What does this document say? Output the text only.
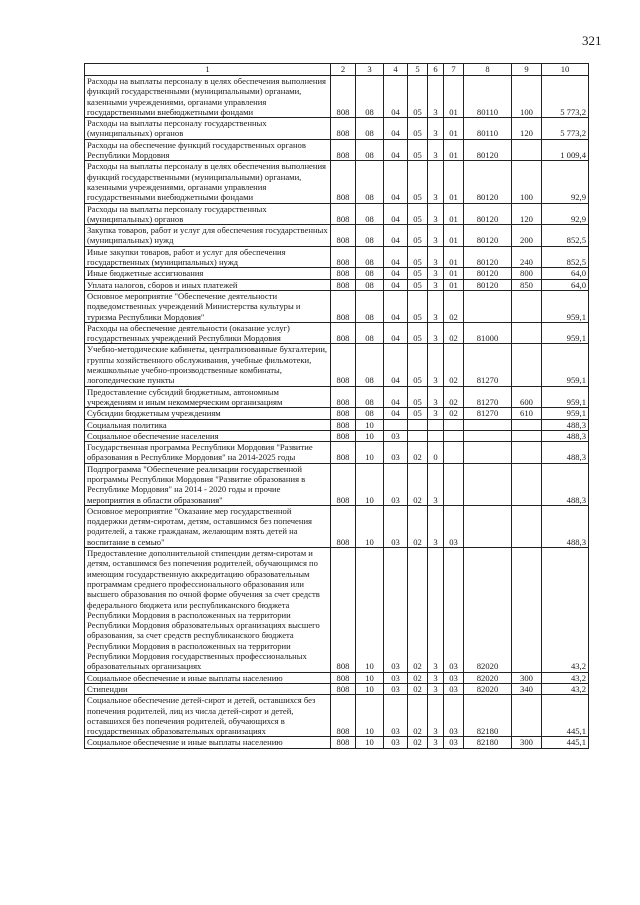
321
1	2	3	4	5	6	7	8	9	10
Расходы на выплаты персоналу в целях обеспечения выполнения функций государственными (муниципальными) органами, казенными учреждениями, органами управления государственными внебюджетными фондами	808	08	04	05	3	01	80110	100	5 773,2
Расходы на выплаты персоналу государственных (муниципальных) органов	808	08	04	05	3	01	80110	120	5 773,2
Расходы на обеспечение функций государственных органов Республики Мордовия	808	08	04	05	3	01	80120		1 009,4
Расходы на выплаты персоналу в целях обеспечения выполнения функций государственными (муниципальными) органами, казенными учреждениями, органами управления государственными внебюджетными фондами	808	08	04	05	3	01	80120	100	92,9
Расходы на выплаты персоналу государственных (муниципальных) органов	808	08	04	05	3	01	80120	120	92,9
Закупка товаров, работ и услуг для обеспечения государственных (муниципальных) нужд	808	08	04	05	3	01	80120	200	852,5
Иные закупки товаров, работ и услуг для обеспечения государственных (муниципальных) нужд	808	08	04	05	3	01	80120	240	852,5
Иные бюджетные ассигнования	808	08	04	05	3	01	80120	800	64,0
Уплата налогов, сборов и иных платежей	808	08	04	05	3	01	80120	850	64,0
Основное мероприятие "Обеспечение деятельности подведомственных учреждений Министерства культуры и туризма Республики Мордовия"	808	08	04	05	3	02			959,1
Расходы на обеспечение деятельности (оказание услуг) государственных учреждений Республики Мордовия	808	08	04	05	3	02	81000		959,1
Учебно-методические кабинеты, централизованные бухгалтерии, группы хозяйственного обслуживания, учебные фильмотеки, межшкольные учебно-производственные комбинаты, логопедические пункты	808	08	04	05	3	02	81270		959,1
Предоставление субсидий бюджетным, автономным учреждениям и иным некоммерческим организациям	808	08	04	05	3	02	81270	600	959,1
Субсидии бюджетным учреждениям	808	08	04	05	3	02	81270	610	959,1
Социальная политика	808	10							488,3
Социальное обеспечение населения	808	10	03						488,3
Государственная программа Республики Мордовия "Развитие образования в Республике Мордовия" на 2014-2025 годы	808	10	03	02	0				488,3
Подпрограмма "Обеспечение реализации государственной программы Республики Мордовия "Развитие образования в Республике Мордовия" на 2014 - 2020 годы и прочие мероприятия в области образования"	808	10	03	02	3				488,3
Основное мероприятие "Оказание мер государственной поддержки детям-сиротам, детям, оставшимся без попечения родителей, а также гражданам, желающим взять детей на воспитание в семью"	808	10	03	02	3	03			488,3
Предоставление дополнительной стипендии детям-сиротам и детям, оставшимся без попечения родителей, обучающимся по имеющим государственную аккредитацию образовательным программам среднего профессионального образования или высшего образования по очной форме обучения за счет средств федерального бюджета или республиканского бюджета Республики Мордовия в расположенных на территории Республики Мордовия образовательных организациях высшего образования, за счет средств республиканского бюджета Республики Мордовия в расположенных на территории Республики Мордовия государственных профессиональных образовательных организациях	808	10	03	02	3	03	82020		43,2
Социальное обеспечение и иные выплаты населению	808	10	03	02	3	03	82020	300	43,2
Стипендии	808	10	03	02	3	03	82020	340	43,2
Социальное обеспечение детей-сирот и детей, оставшихся без попечения родителей, лиц из числа детей-сирот и детей, оставшихся без попечения родителей, обучающихся в государственных образовательных организациях	808	10	03	02	3	03	82180		445,1
Социальное обеспечение и иные выплаты населению	808	10	03	02	3	03	82180	300	445,1
